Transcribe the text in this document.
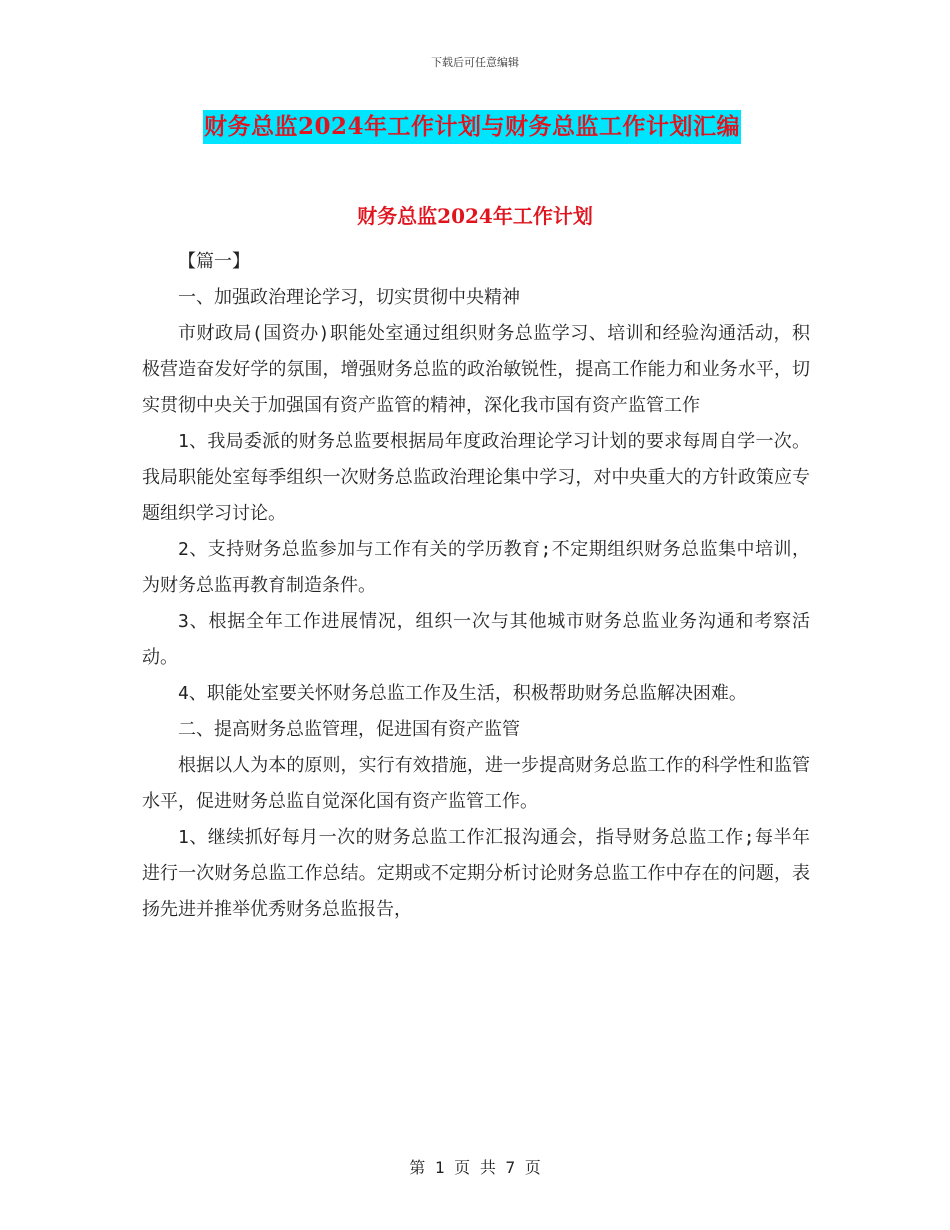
下载后可任意编辑
财务总监2024年工作计划与财务总监工作计划汇编
财务总监2024年工作计划

【篇一】

一、加强政治理论学习，切实贯彻中央精神

市财政局(国资办)职能处室通过组织财务总监学习、培训和经验沟通活动，积极营造奋发好学的氛围，增强财务总监的政治敏锐性，提高工作能力和业务水平，切实贯彻中央关于加强国有资产监管的精神，深化我市国有资产监管工作

1、我局委派的财务总监要根据局年度政治理论学习计划的要求每周自学一次。我局职能处室每季组织一次财务总监政治理论集中学习，对中央重大的方针政策应专题组织学习讨论。

2、支持财务总监参加与工作有关的学历教育;不定期组织财务总监集中培训，为财务总监再教育制造条件。

3、根据全年工作进展情况，组织一次与其他城市财务总监业务沟通和考察活动。

4、职能处室要关怀财务总监工作及生活，积极帮助财务总监解决困难。

二、提高财务总监管理，促进国有资产监管

根据以人为本的原则，实行有效措施，进一步提高财务总监工作的科学性和监管水平，促进财务总监自觉深化国有资产监管工作。

1、继续抓好每月一次的财务总监工作汇报沟通会，指导财务总监工作;每半年进行一次财务总监工作总结。定期或不定期分析讨论财务总监工作中存在的问题，表扬先进并推举优秀财务总监报告，

第 1 页 共 7 页
